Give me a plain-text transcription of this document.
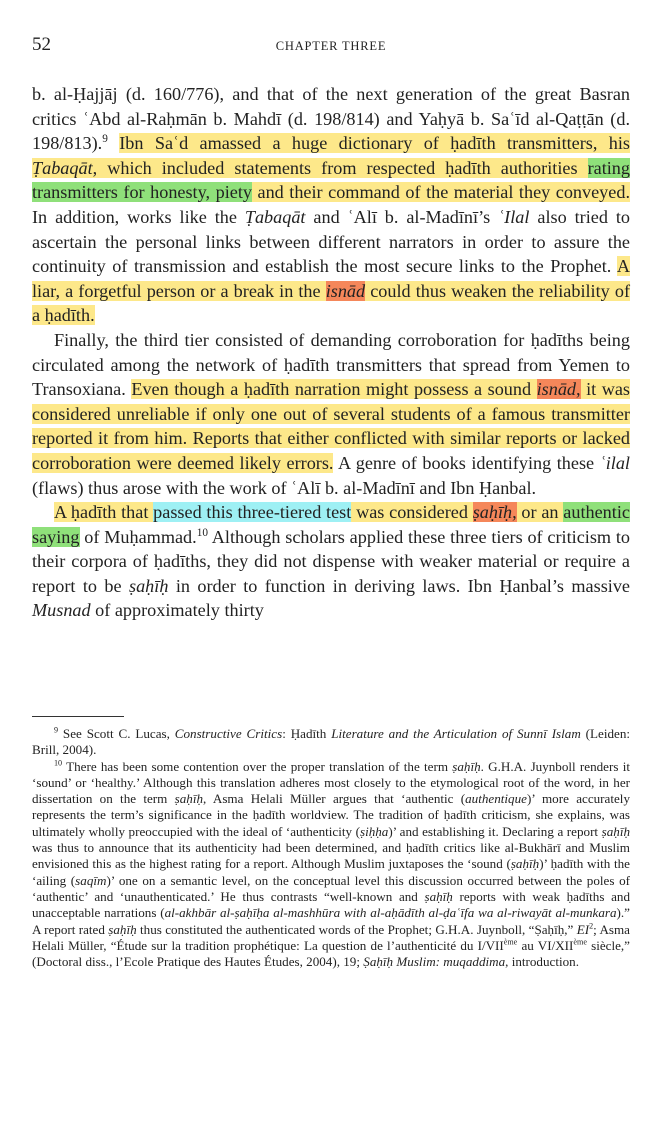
52	CHAPTER THREE

b. al-Ḥajjāj (d. 160/776), and that of the next generation of the great Basran critics ʿAbd al-Raḥmān b. Mahdī (d. 198/814) and Yaḥyā b. Saʿīd al-Qaṭṭān (d. 198/813).$^9$ Ibn Saʿd amassed a huge dictionary of ḥadīth transmitters, his Ṭabaqāt, which included statements from respected ḥadīth authorities rating transmitters for honesty, piety and their command of the material they conveyed. In addition, works like the Ṭabaqāt and ʿAlī b. al-Madīnī’s ʿIlal also tried to ascertain the personal links between different narrators in order to assure the continuity of transmission and establish the most secure links to the Prophet. A liar, a forgetful person or a break in the isnād could thus weaken the reliability of a ḥadīth.

Finally, the third tier consisted of demanding corroboration for ḥadīths being circulated among the network of ḥadīth transmitters that spread from Yemen to Transoxiana. Even though a ḥadīth narration might possess a sound isnād, it was considered unreliable if only one out of several students of a famous transmitter reported it from him. Reports that either conflicted with similar reports or lacked corroboration were deemed likely errors. A genre of books identifying these ʿilal (flaws) thus arose with the work of ʿAlī b. al-Madīnī and Ibn Ḥanbal.

A ḥadīth that passed this three-tiered test was considered ṣaḥīḥ, or an authentic saying of Muḥammad.$^{10}$ Although scholars applied these three tiers of criticism to their corpora of ḥadīths, they did not dispense with weaker material or require a report to be ṣaḥīḥ in order to function in deriving laws. Ibn Ḥanbal’s massive Musnad of approximately thirty

$^9$ See Scott C. Lucas, Constructive Critics: Ḥadīth Literature and the Articulation of Sunnī Islam (Leiden: Brill, 2004).

$^{10}$ There has been some contention over the proper translation of the term ṣaḥīḥ. G.H.A. Juynboll renders it ‘sound’ or ‘healthy.’ Although this translation adheres most closely to the etymological root of the word, in her dissertation on the term ṣaḥīḥ, Asma Helali Müller argues that ‘authentic (authentique)’ more accurately represents the term’s significance in the ḥadīth worldview. The tradition of ḥadīth criticism, she explains, was ultimately wholly preoccupied with the ideal of ‘authenticity (ṣiḥḥa)’ and establishing it. Declaring a report ṣaḥīḥ was thus to announce that its authenticity had been determined, and ḥadīth critics like al-Bukhārī and Muslim envisioned this as the highest rating for a report. Although Muslim juxtaposes the ‘sound (ṣaḥīḥ)’ ḥadīth with the ‘ailing (saqīm)’ one on a semantic level, on the conceptual level this discussion occurred between the poles of ‘authentic’ and ‘unauthenticated.’ He thus contrasts “well-known and ṣaḥīḥ reports with weak ḥadīths and unacceptable narrations (al-akhbār al-ṣaḥīḥa al-mashhūra with al-aḥādīth al-ḍaʿīfa wa al-riwayāt al-munkara).” A report rated ṣaḥīḥ thus constituted the authenticated words of the Prophet; G.H.A. Juynboll, “Ṣaḥīḥ,” $EI^2$; Asma Helali Müller, “Étude sur la tradition prophétique: La question de l’authenticité du I/VIIème au VI/XIIème siècle,” (Doctoral diss., l’Ecole Pratique des Hautes Études, 2004), 19; Ṣaḥīḥ Muslim: muqaddima, introduction.
